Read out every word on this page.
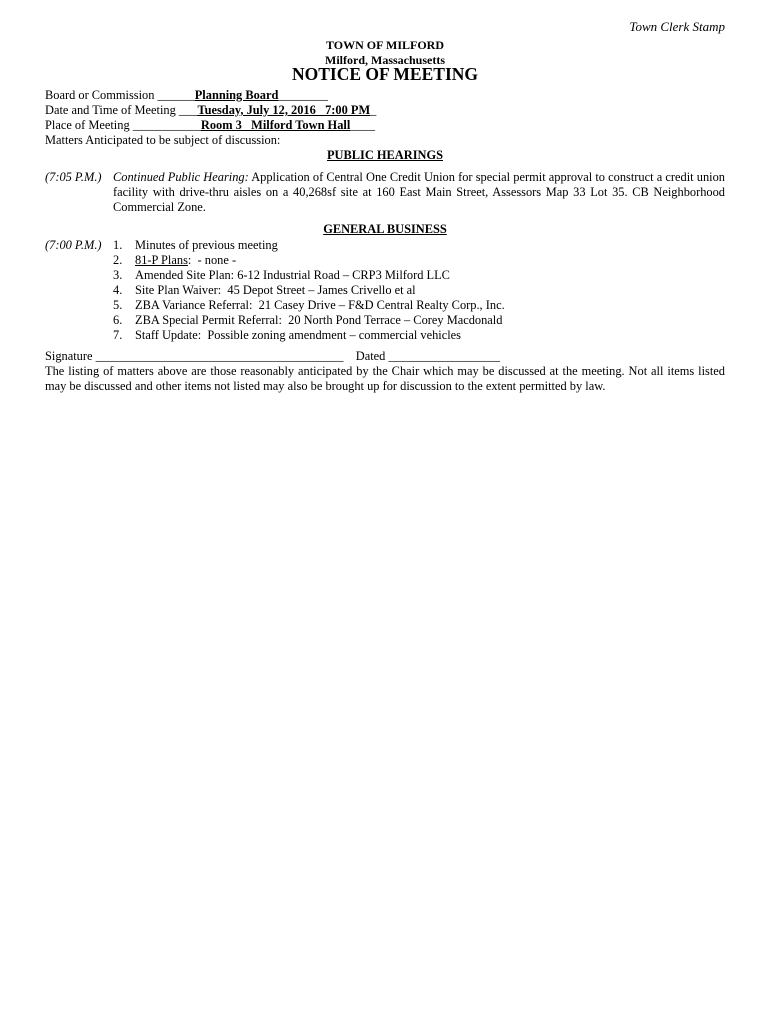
Town Clerk Stamp
TOWN OF MILFORD
Milford, Massachusetts
NOTICE OF MEETING
Board or Commission ______Planning Board________
Date and Time of Meeting ___Tuesday, July 12, 2016   7:00 PM_
Place of Meeting ___________Room 3   Milford Town Hall____
Matters Anticipated to be subject of discussion:
PUBLIC HEARINGS
(7:05 P.M.) Continued Public Hearing: Application of Central One Credit Union for special permit approval to construct a credit union facility with drive-thru aisles on a 40,268sf site at 160 East Main Street, Assessors Map 33 Lot 35. CB Neighborhood Commercial Zone.
GENERAL BUSINESS
(7:00 P.M.) 1. Minutes of previous meeting
2. 81-P Plans:  - none -
3. Amended Site Plan: 6-12 Industrial Road – CRP3 Milford LLC
4. Site Plan Waiver:  45 Depot Street – James Crivello et al
5. ZBA Variance Referral:  21 Casey Drive – F&D Central Realty Corp., Inc.
6. ZBA Special Permit Referral:  20 North Pond Terrace – Corey Macdonald
7. Staff Update:  Possible zoning amendment – commercial vehicles
Signature ________________________________________ Dated __________________
The listing of matters above are those reasonably anticipated by the Chair which may be discussed at the meeting. Not all items listed may be discussed and other items not listed may also be brought up for discussion to the extent permitted by law.
